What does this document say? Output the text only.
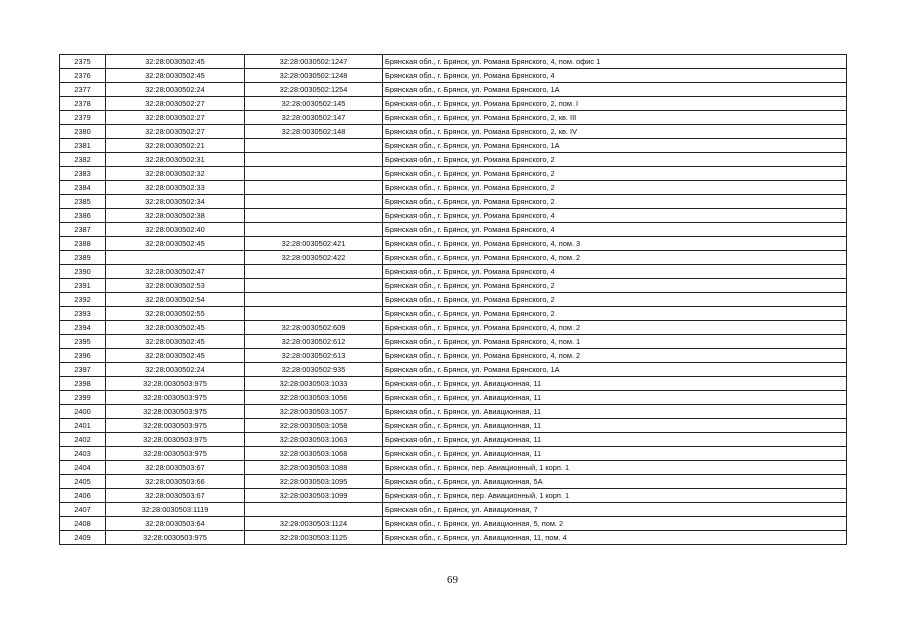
2375	32:28:0030502:45	32:28:0030502:1247	Брянская обл., г. Брянск, ул. Романа Брянского, 4, пом. офис 1
2376	32:28:0030502:45	32:28:0030502:1248	Брянская обл., г. Брянск, ул. Романа Брянского, 4
2377	32:28:0030502:24	32:28:0030502:1254	Брянская обл., г. Брянск, ул. Романа Брянского, 1А
2378	32:28:0030502:27	32:28:0030502:145	Брянская обл., г. Брянск, ул. Романа Брянского, 2, пом. I
2379	32:28:0030502:27	32:28:0030502:147	Брянская обл., г. Брянск, ул. Романа Брянского, 2, кв. III
2380	32:28:0030502:27	32:28:0030502:148	Брянская обл., г. Брянск, ул. Романа Брянского, 2, кв. IV
2381	32:28:0030502:21		Брянская обл., г. Брянск, ул. Романа Брянского, 1А
2382	32:28:0030502:31		Брянская обл., г. Брянск, ул. Романа Брянского, 2
2383	32:28:0030502:32		Брянская обл., г. Брянск, ул. Романа Брянского, 2
2384	32:28:0030502:33		Брянская обл., г. Брянск, ул. Романа Брянского, 2
2385	32:28:0030502:34		Брянская обл., г. Брянск, ул. Романа Брянского, 2
2386	32:28:0030502:38		Брянская обл., г. Брянск, ул. Романа Брянского, 4
2387	32:28:0030502:40		Брянская обл., г. Брянск, ул. Романа Брянского, 4
2388	32:28:0030502:45	32:28:0030502:421	Брянская обл., г. Брянск, ул. Романа Брянского, 4, пом. 3
2389		32:28:0030502:422	Брянская обл., г. Брянск, ул. Романа Брянского, 4, пом. 2
2390	32:28:0030502:47		Брянская обл., г. Брянск, ул. Романа Брянского, 4
2391	32:28:0030502:53		Брянская обл., г. Брянск, ул. Романа Брянского, 2
2392	32:28:0030502:54		Брянская обл., г. Брянск, ул. Романа Брянского, 2
2393	32:28:0030502:55		Брянская обл., г. Брянск, ул. Романа Брянского, 2
2394	32:28:0030502:45	32:28:0030502:609	Брянская обл., г. Брянск, ул. Романа Брянского, 4, пом. 2
2395	32:28:0030502:45	32:28:0030502:612	Брянская обл., г. Брянск, ул. Романа Брянского, 4, пом. 1
2396	32:28:0030502:45	32:28:0030502:613	Брянская обл., г. Брянск, ул. Романа Брянского, 4, пом. 2
2397	32:28:0030502:24	32:28:0030502:935	Брянская обл., г. Брянск, ул. Романа Брянского, 1А
2398	32:28:0030503:975	32:28:0030503:1033	Брянская обл., г. Брянск, ул. Авиационная, 11
2399	32:28:0030503:975	32:28:0030503:1056	Брянская обл., г. Брянск, ул. Авиационная, 11
2400	32:28:0030503:975	32:28:0030503:1057	Брянская обл., г. Брянск, ул. Авиационная, 11
2401	32:28:0030503:975	32:28:0030503:1058	Брянская обл., г. Брянск, ул. Авиационная, 11
2402	32:28:0030503:975	32:28:0030503:1063	Брянская обл., г. Брянск, ул. Авиационная, 11
2403	32:28:0030503:975	32:28:0030503:1068	Брянская обл., г. Брянск, ул. Авиационная, 11
2404	32:28:0030503:67	32:28:0030503:1088	Брянская обл., г. Брянск, пер. Авиационный, 1 корп. 1
2405	32:28:0030503:66	32:28:0030503:1095	Брянская обл., г. Брянск, ул. Авиационная, 5А
2406	32:28:0030503:67	32:28:0030503:1099	Брянская обл., г. Брянск, пер. Авиационный, 1 корп. 1
2407	32:28:0030503:1119		Брянская обл., г. Брянск, ул. Авиационная, 7
2408	32:28:0030503:64	32:28:0030503:1124	Брянская обл., г. Брянск, ул. Авиационная, 5, пом. 2
2409	32:28:0030503:975	32:28:0030503:1125	Брянская обл., г. Брянск, ул. Авиационная, 11, пом. 4
69
